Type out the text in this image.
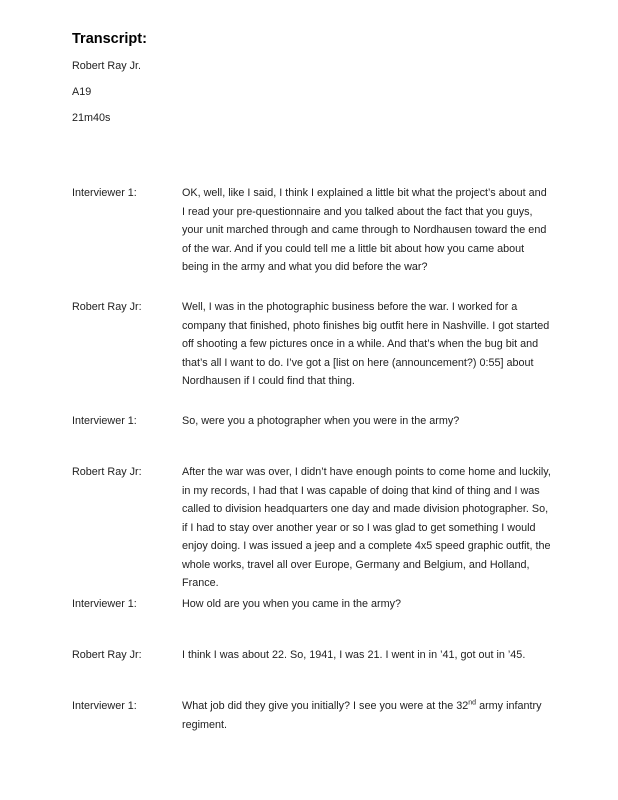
Transcript:
Robert Ray Jr.
A19
21m40s
Interviewer 1:	OK, well, like I said, I think I explained a little bit what the project’s about and I read your pre-questionnaire and you talked about the fact that you guys, your unit marched through and came through to Nordhausen toward the end of the war. And if you could tell me a little bit about how you came about being in the army and what you did before the war?
Robert Ray Jr:	Well, I was in the photographic business before the war. I worked for a company that finished, photo finishes big outfit here in Nashville. I got started off shooting a few pictures once in a while. And that’s when the bug bit and that’s all I want to do. I’ve got a [list on here (announcement?) 0:55] about Nordhausen if I could find that thing.
Interviewer 1:	So, were you a photographer when you were in the army?
Robert Ray Jr:	After the war was over, I didn’t have enough points to come home and luckily, in my records, I had that I was capable of doing that kind of thing and I was called to division headquarters one day and made division photographer. So, if I had to stay over another year or so I was glad to get something I would enjoy doing. I was issued a jeep and a complete 4x5 speed graphic outfit, the whole works, travel all over Europe, Germany and Belgium, and Holland, France.
Interviewer 1:	How old are you when you came in the army?
Robert Ray Jr:	I think I was about 22. So, 1941, I was 21. I went in in ’41, got out in ’45.
Interviewer 1:	What job did they give you initially? I see you were at the 32nd army infantry regiment.
